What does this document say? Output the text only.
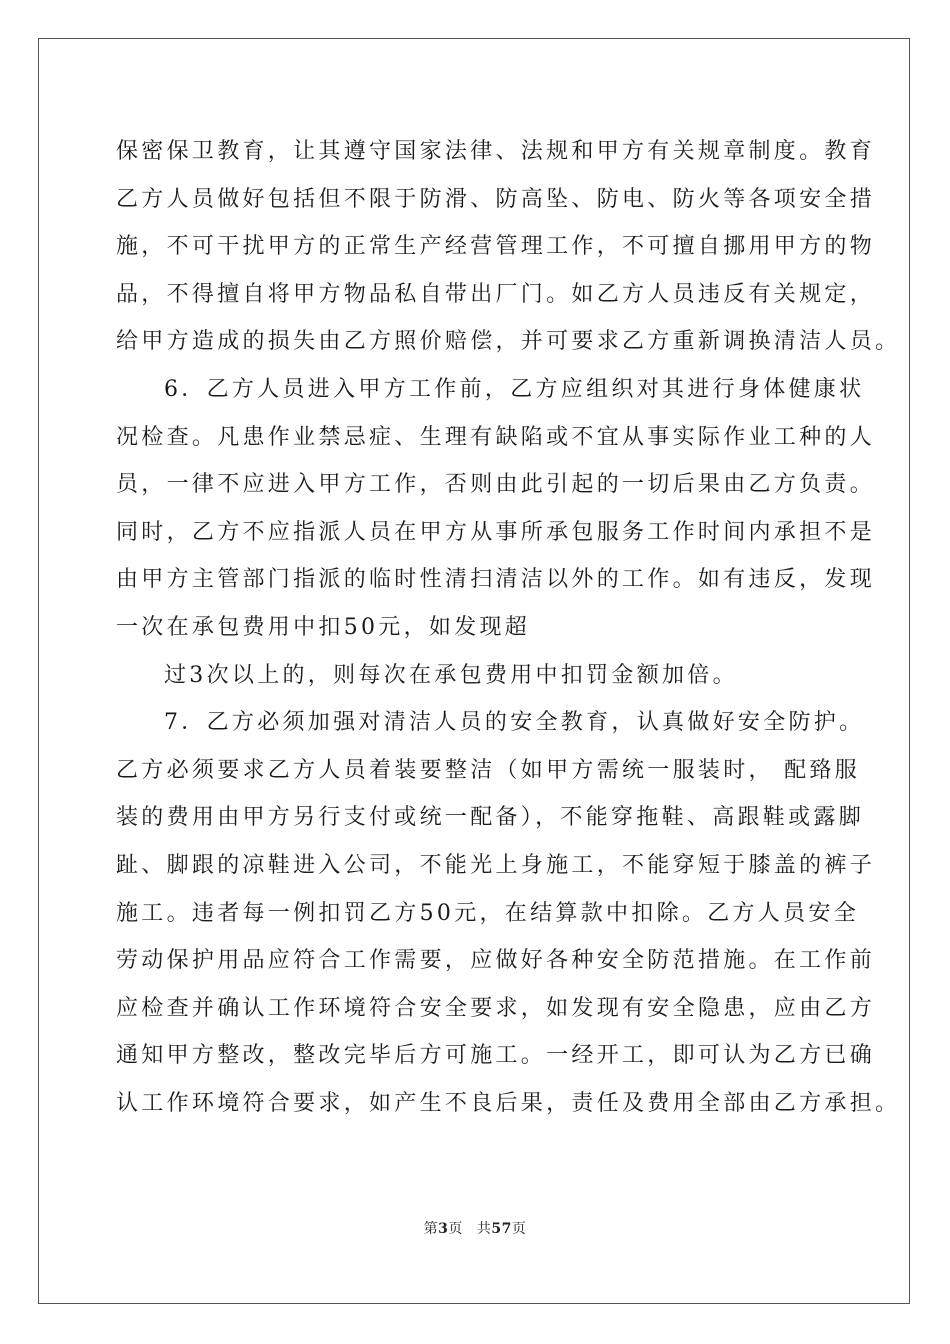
保密保卫教育，让其遵守国家法律、法规和甲方有关规章制度。教育
乙方人员做好包括但不限于防滑、防高坠、防电、防火等各项安全措
施，不可干扰甲方的正常生产经营管理工作，不可擅自挪用甲方的物
品，不得擅自将甲方物品私自带出厂门。如乙方人员违反有关规定，
给甲方造成的损失由乙方照价赔偿，并可要求乙方重新调换清洁人员。
6．乙方人员进入甲方工作前，乙方应组织对其进行身体健康状
况检查。凡患作业禁忌症、生理有缺陷或不宜从事实际作业工种的人
员，一律不应进入甲方工作，否则由此引起的一切后果由乙方负责。
同时，乙方不应指派人员在甲方从事所承包服务工作时间内承担不是
由甲方主管部门指派的临时性清扫清洁以外的工作。如有违反，发现
一次在承包费用中扣50元，如发现超
过3次以上的，则每次在承包费用中扣罚金额加倍。
7．乙方必须加强对清洁人员的安全教育，认真做好安全防护。
乙方必须要求乙方人员着装要整洁（如甲方需统一服装时， 配臵服
装的费用由甲方另行支付或统一配备），不能穿拖鞋、高跟鞋或露脚
趾、脚跟的凉鞋进入公司，不能光上身施工，不能穿短于膝盖的裤子
施工。违者每一例扣罚乙方50元，在结算款中扣除。乙方人员安全
劳动保护用品应符合工作需要，应做好各种安全防范措施。在工作前
应检查并确认工作环境符合安全要求，如发现有安全隐患，应由乙方
通知甲方整改，整改完毕后方可施工。一经开工，即可认为乙方已确
认工作环境符合要求，如产生不良后果，责任及费用全部由乙方承担。
第3页 共57页
